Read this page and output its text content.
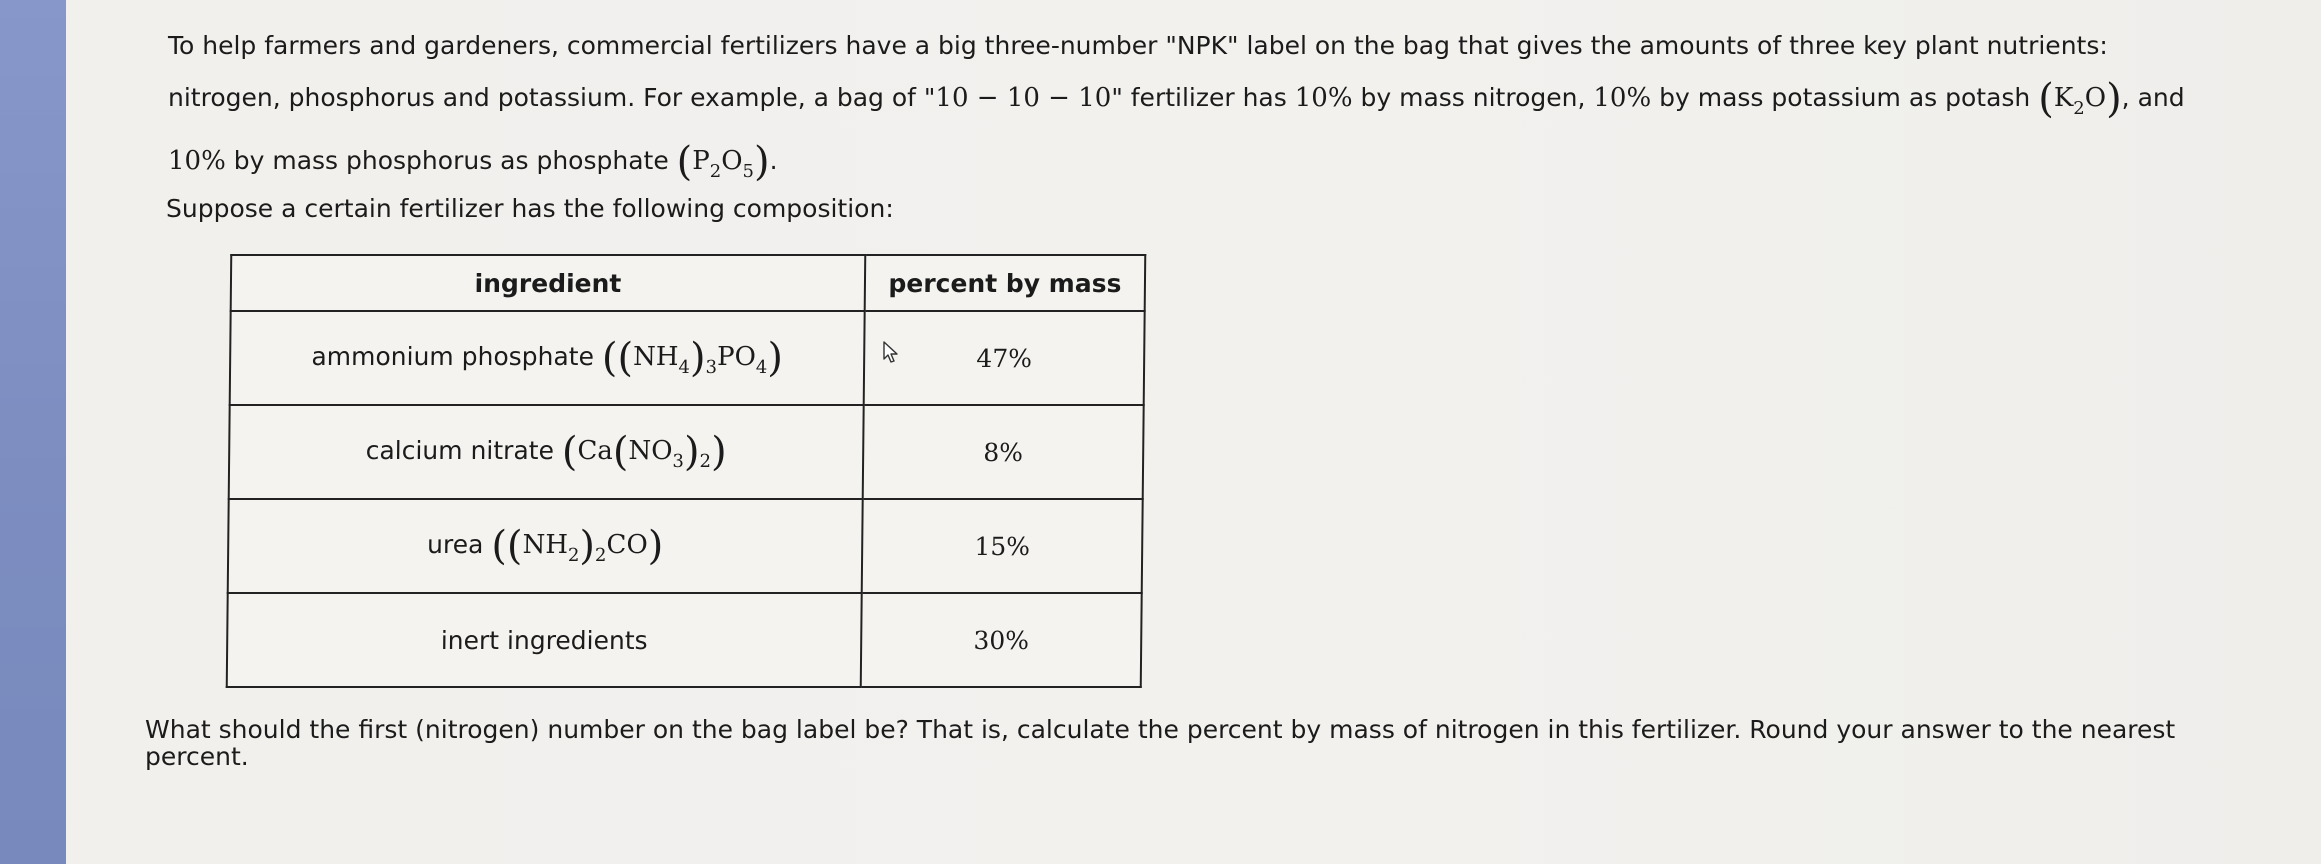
To help farmers and gardeners, commercial fertilizers have a big three-number "NPK" label on the bag that gives the amounts of three key plant nutrients:
nitrogen, phosphorus and potassium. For example, a bag of "10 − 10 − 10" fertilizer has 10% by mass nitrogen, 10% by mass potassium as potash $(K_2O)$, and
10% by mass phosphorus as phosphate $(P_2O_5)$.
Suppose a certain fertilizer has the following composition:
ingredient	percent by mass
ammonium phosphate $((NH_4)_3PO_4)$	47%
calcium nitrate $(Ca(NO_3)_2)$	8%
urea $((NH_2)_2CO)$	15%
inert ingredients	30%
What should the first (nitrogen) number on the bag label be? That is, calculate the percent by mass of nitrogen in this fertilizer. Round your answer to the nearest percent.
